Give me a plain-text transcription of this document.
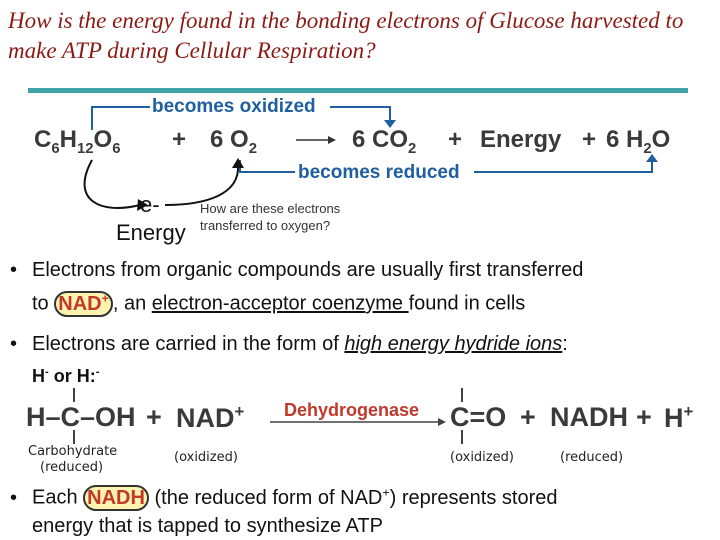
How is the energy found in the bonding electrons of Glucose harvested to make ATP during Cellular Respiration?
becomes oxidized
becomes reduced
$C_6H_{12}O_6 + 6$ $O_2$	6 $CO_2$ + Energy + 6 $H_2O$
e-
Energy
How are these electrons
transferred to oxygen?
• Electrons from organic compounds are usually first transferred
to NAD+ , an electron-acceptor coenzyme found in cells
• Electrons are carried in the form of high energy hydride ions:
H- or H:-
H–C–OH + NAD+ Dehydrogenase C=O + NADH + H+
Carbohydrate
(reduced)
(oxidized)	(oxidized)	(reduced)
• Each NADH (the reduced form of NAD+) represents stored
energy that is tapped to synthesize ATP
